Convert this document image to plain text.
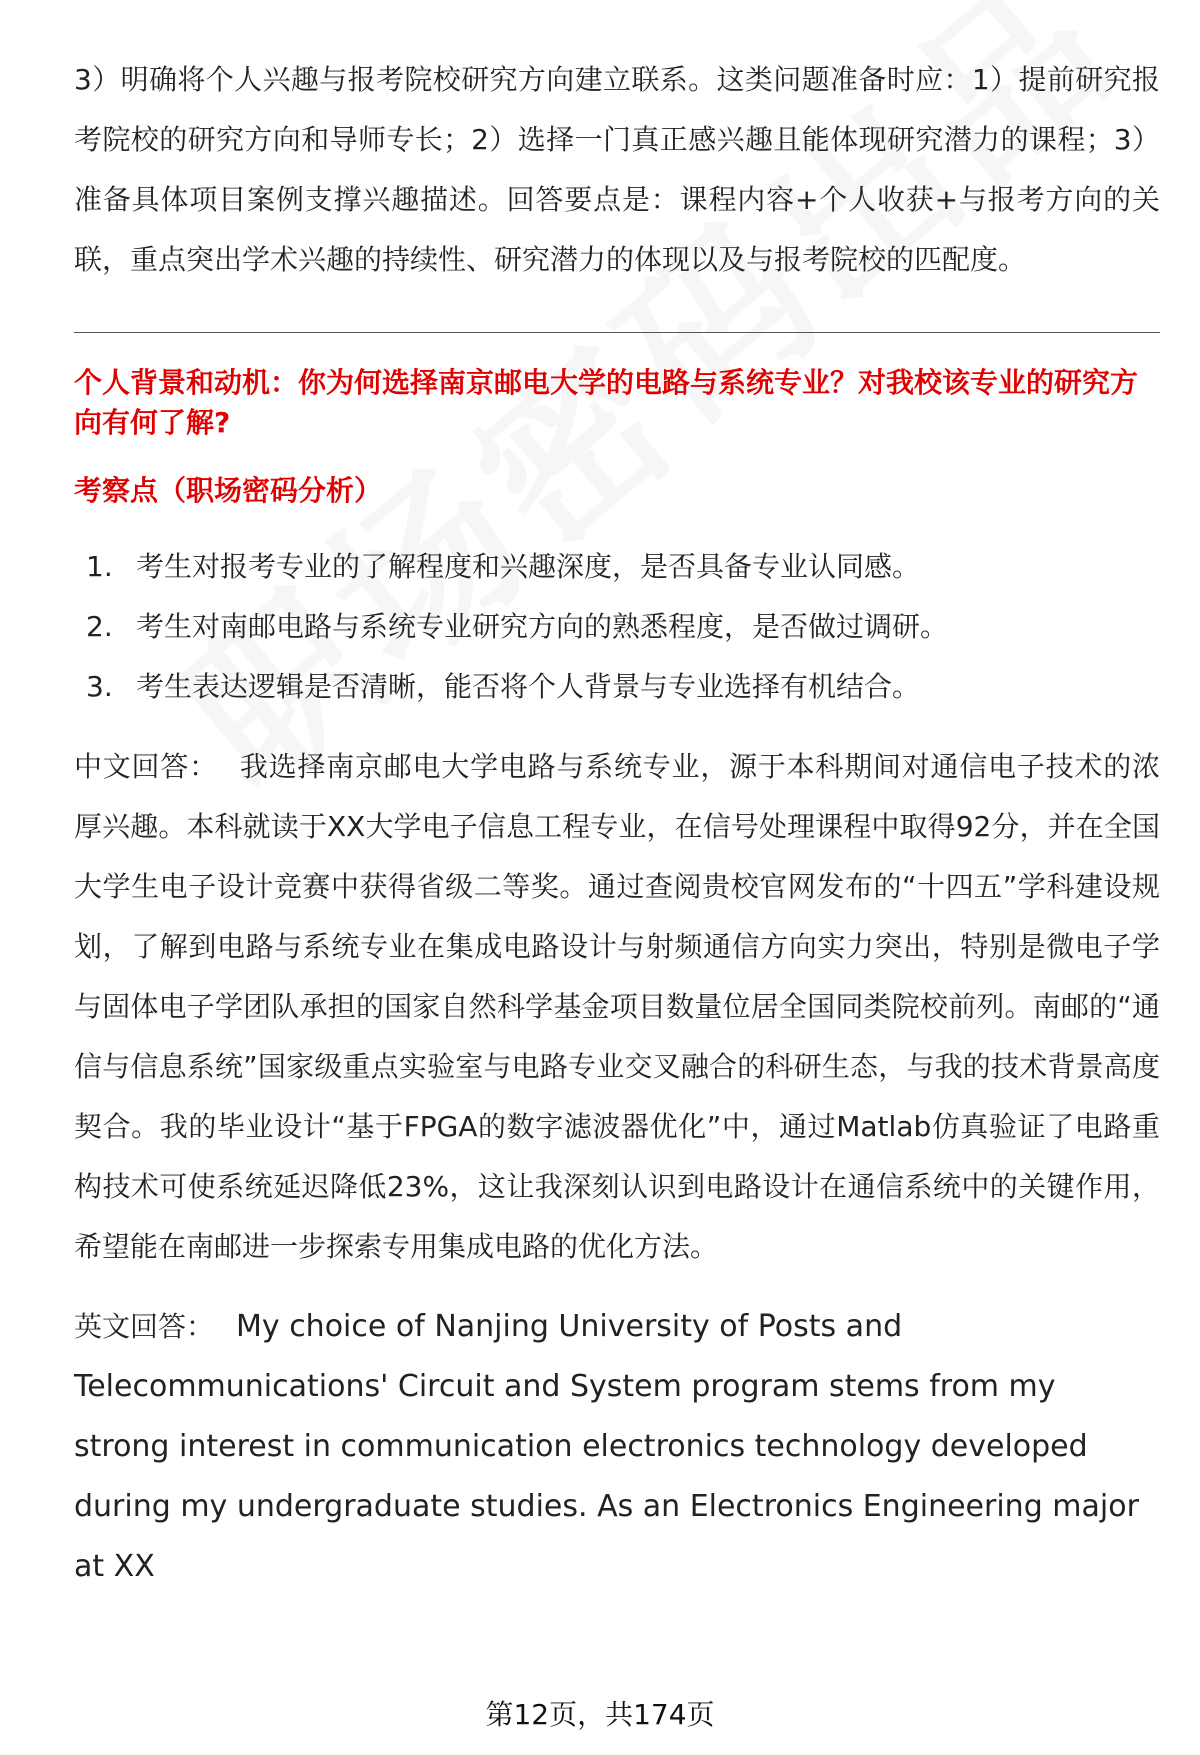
3）明确将个人兴趣与报考院校研究方向建立联系。这类问题准备时应：1）提前研究报考院校的研究方向和导师专长；2）选择一门真正感兴趣且能体现研究潜力的课程；3）准备具体项目案例支撑兴趣描述。回答要点是：课程内容+个人收获+与报考方向的关联，重点突出学术兴趣的持续性、研究潜力的体现以及与报考院校的匹配度。

个人背景和动机：你为何选择南京邮电大学的电路与系统专业？对我校该专业的研究方向有何了解?

考察点（职场密码分析）

1. 考生对报考专业的了解程度和兴趣深度，是否具备专业认同感。
2. 考生对南邮电路与系统专业研究方向的熟悉程度，是否做过调研。
3. 考生表达逻辑是否清晰，能否将个人背景与专业选择有机结合。

中文回答： 我选择南京邮电大学电路与系统专业，源于本科期间对通信电子技术的浓厚兴趣。本科就读于XX大学电子信息工程专业，在信号处理课程中取得92分，并在全国大学生电子设计竞赛中获得省级二等奖。通过查阅贵校官网发布的“十四五”学科建设规划，了解到电路与系统专业在集成电路设计与射频通信方向实力突出，特别是微电子学与固体电子学团队承担的国家自然科学基金项目数量位居全国同类院校前列。南邮的“通信与信息系统”国家级重点实验室与电路专业交叉融合的科研生态，与我的技术背景高度契合。我的毕业设计“基于FPGA的数字滤波器优化”中，通过Matlab仿真验证了电路重构技术可使系统延迟降低23%，这让我深刻认识到电路设计在通信系统中的关键作用，希望能在南邮进一步探索专用集成电路的优化方法。

英文回答： My choice of Nanjing University of Posts and Telecommunications' Circuit and System program stems from my strong interest in communication electronics technology developed during my undergraduate studies. As an Electronics Engineering major at XX

第12页，共174页
